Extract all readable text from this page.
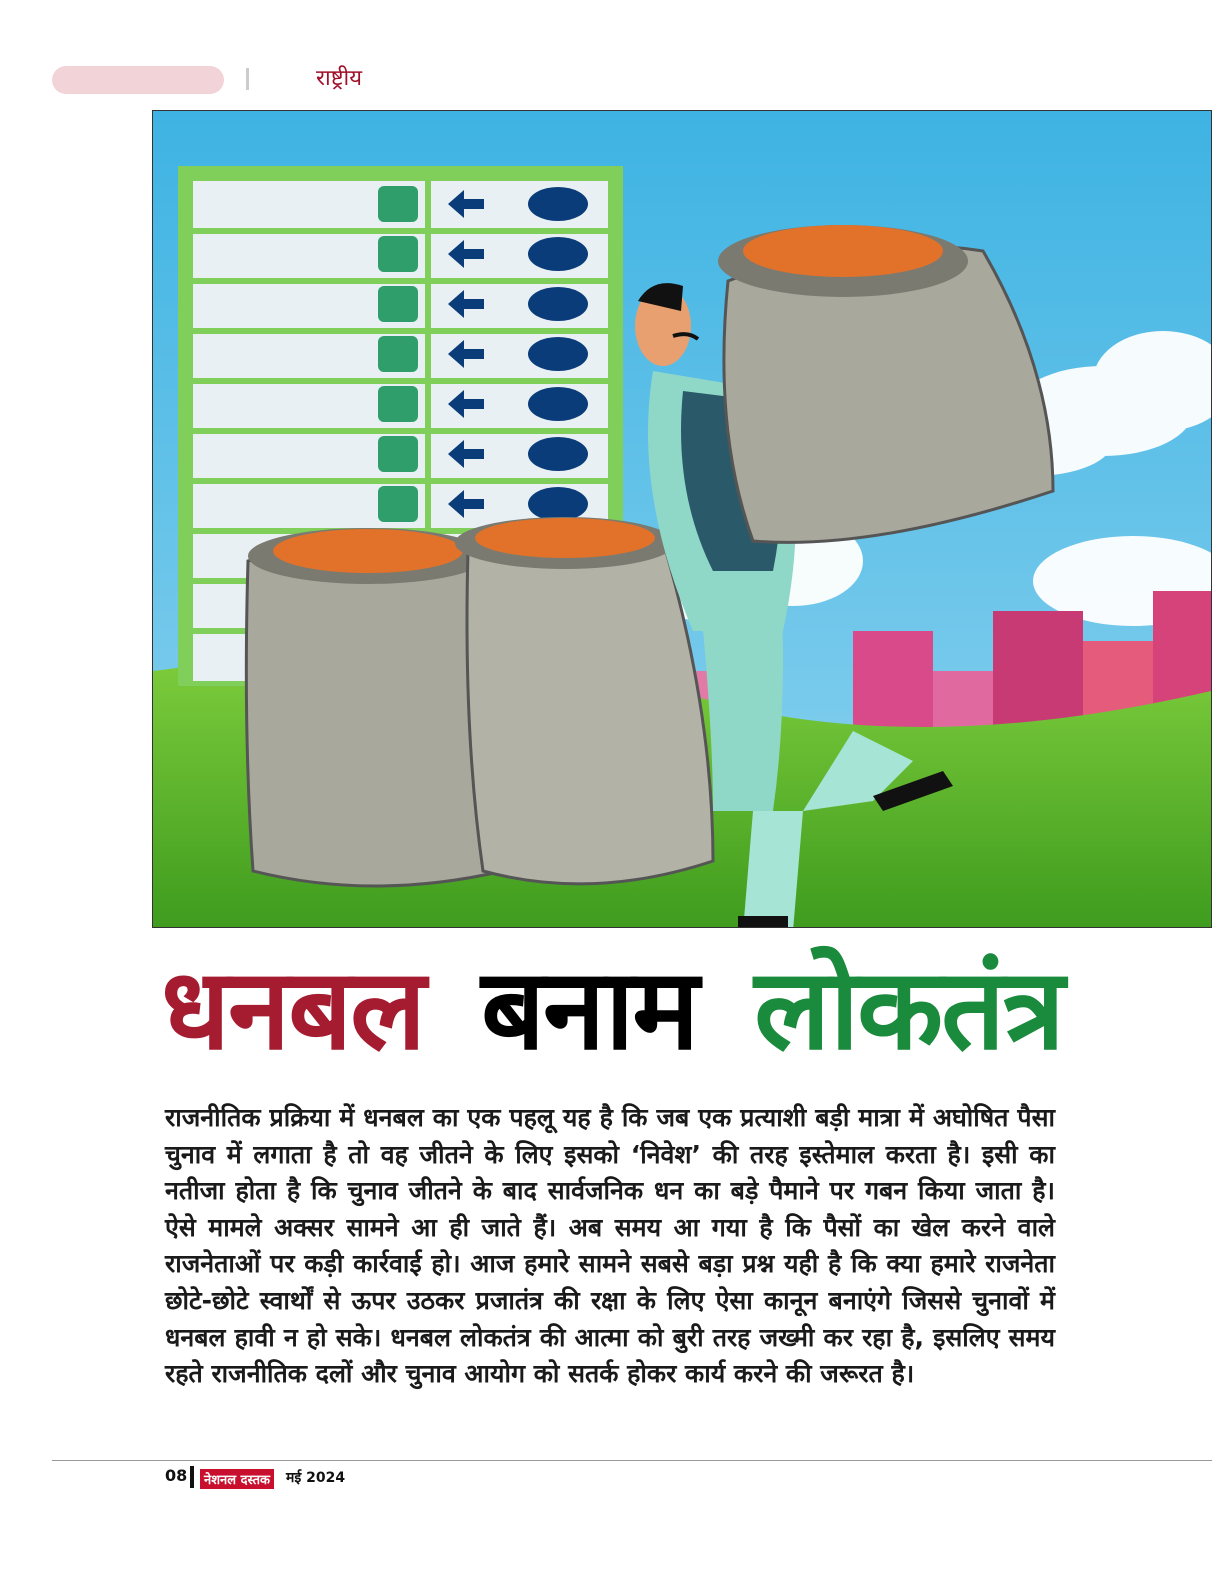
राष्ट्रीय
धनबल बनाम लोकतंत्र
राजनीतिक प्रक्रिया में धनबल का एक पहलू यह है कि जब एक प्रत्याशी बड़ी मात्रा में अघोषित पैसा चुनाव में लगाता है तो वह जीतने के लिए इसको ‘निवेश’ की तरह इस्तेमाल करता है। इसी का नतीजा होता है कि चुनाव जीतने के बाद सार्वजनिक धन का बड़े पैमाने पर गबन किया जाता है। ऐसे मामले अक्सर सामने आ ही जाते हैं। अब समय आ गया है कि पैसों का खेल करने वाले राजनेताओं पर कड़ी कार्रवाई हो। आज हमारे सामने सबसे बड़ा प्रश्न यही है कि क्या हमारे राजनेता छोटे-छोटे स्वार्थों से ऊपर उठकर प्रजातंत्र की रक्षा के लिए ऐसा कानून बनाएंगे जिससे चुनावों में धनबल हावी न हो सके। धनबल लोकतंत्र की आत्मा को बुरी तरह जख्मी कर रहा है, इसलिए समय रहते राजनीतिक दलों और चुनाव आयोग को सतर्क होकर कार्य करने की जरूरत है।
08	नेशनल दस्तक मई 2024
